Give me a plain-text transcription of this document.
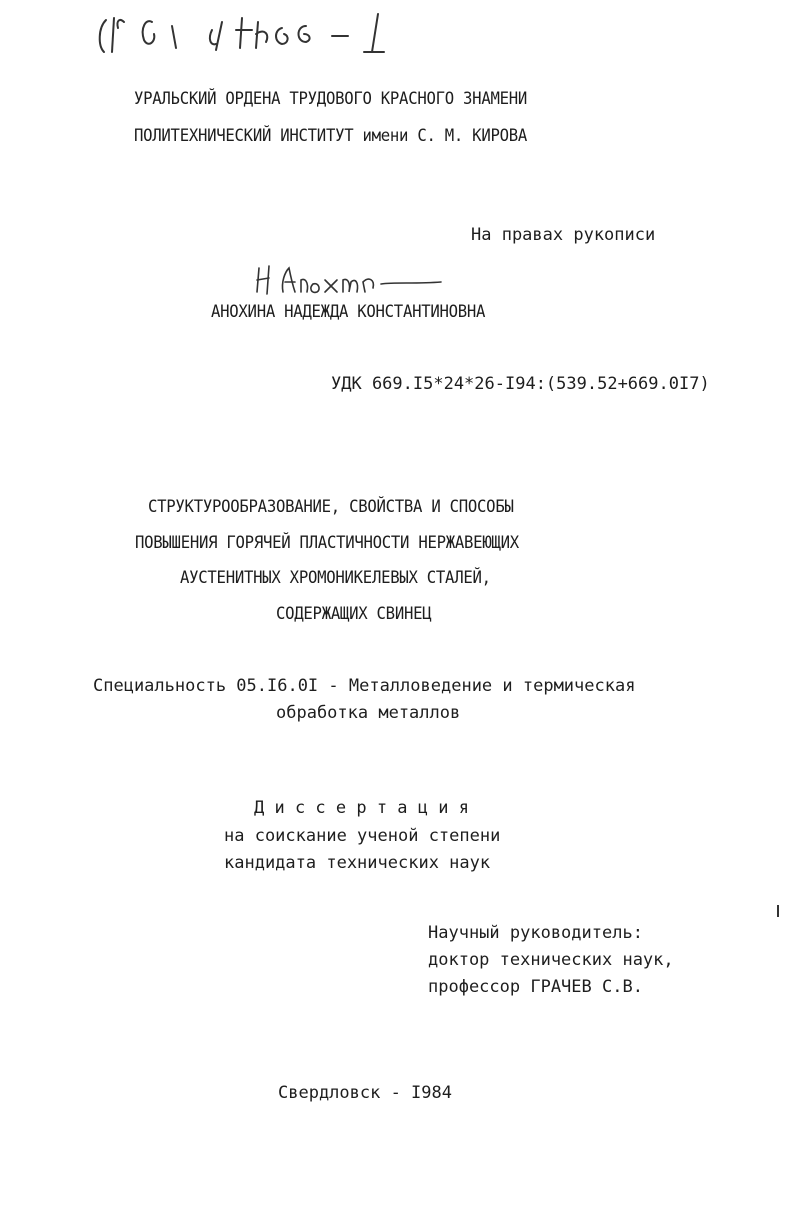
УРАЛЬСКИЙ ОРДЕНА ТРУДОВОГО КРАСНОГО ЗНАМЕНИ
ПОЛИТЕХНИЧЕСКИЙ ИНСТИТУТ имени С. М. КИРОВА
На правах рукописи
АНОХИНА НАДЕЖДА КОНСТАНТИНОВНА
УДК 669.I5*24*26-I94:(539.52+669.0I7)
СТРУКТУРООБРАЗОВАНИЕ, СВОЙСТВА И СПОСОБЫ
ПОВЫШЕНИЯ ГОРЯЧЕЙ ПЛАСТИЧНОСТИ НЕРЖАВЕЮЩИХ
АУСТЕНИТНЫХ ХРОМОНИКЕЛЕВЫХ СТАЛЕЙ,
СОДЕРЖАЩИХ СВИНЕЦ
Специальность 05.I6.0I - Металловедение и термическая
обработка металлов
Д и с с е р т а ц и я
на соискание ученой степени
кандидата технических наук
Научный руководитель:
доктор технических наук,
профессор ГРАЧЕВ С.В.
Свердловск - I984
